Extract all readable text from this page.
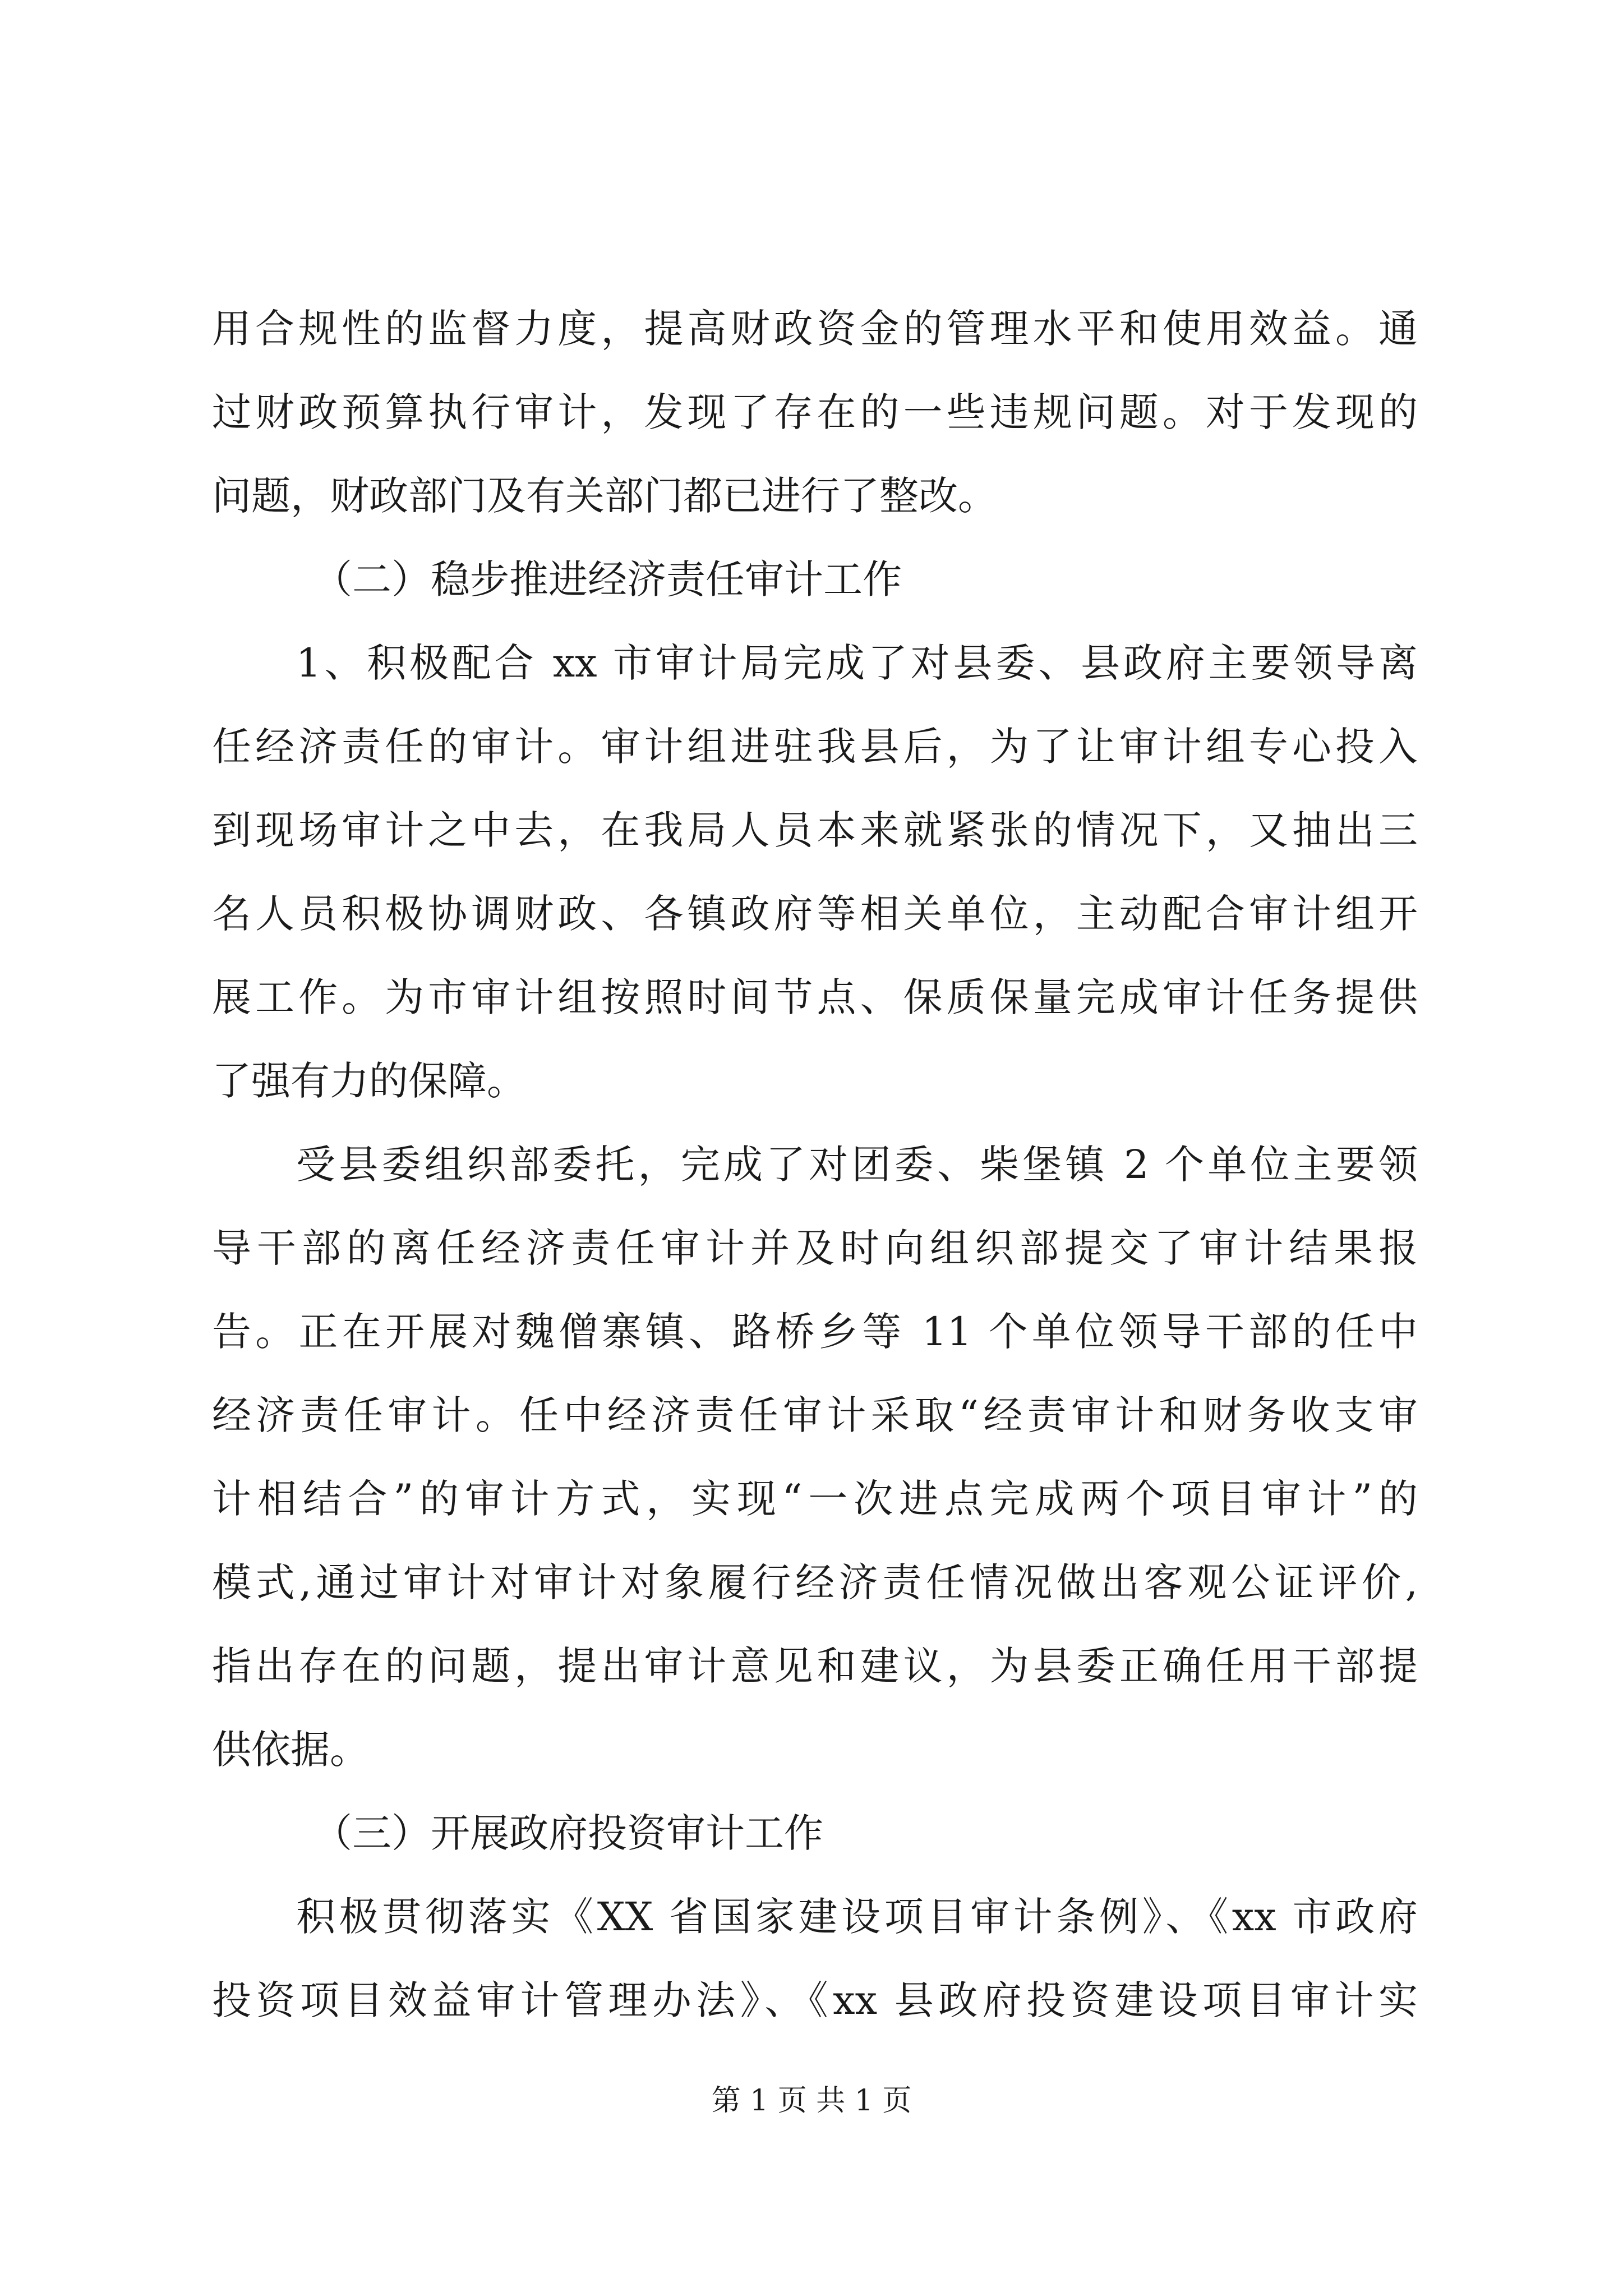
用合规性的监督力度，提高财政资金的管理水平和使用效益。通
过财政预算执行审计，发现了存在的一些违规问题。对于发现的
问题，财政部门及有关部门都已进行了整改。
（二）稳步推进经济责任审计工作
1、积极配合 xx 市审计局完成了对县委、县政府主要领导离
任经济责任的审计。审计组进驻我县后，为了让审计组专心投入
到现场审计之中去，在我局人员本来就紧张的情况下，又抽出三
名人员积极协调财政、各镇政府等相关单位，主动配合审计组开
展工作。为市审计组按照时间节点、保质保量完成审计任务提供
了强有力的保障。
受县委组织部委托，完成了对团委、柴堡镇 2 个单位主要领
导干部的离任经济责任审计并及时向组织部提交了审计结果报
告。正在开展对魏僧寨镇、路桥乡等 11 个单位领导干部的任中
经济责任审计。任中经济责任审计采取“经责审计和财务收支审
计相结合”的审计方式，实现“一次进点完成两个项目审计”的
模式,通过审计对审计对象履行经济责任情况做出客观公证评价,
指出存在的问题，提出审计意见和建议，为县委正确任用干部提
供依据。
（三）开展政府投资审计工作
积极贯彻落实《XX 省国家建设项目审计条例》、《xx 市政府
投资项目效益审计管理办法》、《xx 县政府投资建设项目审计实
第 1 页 共 1 页
